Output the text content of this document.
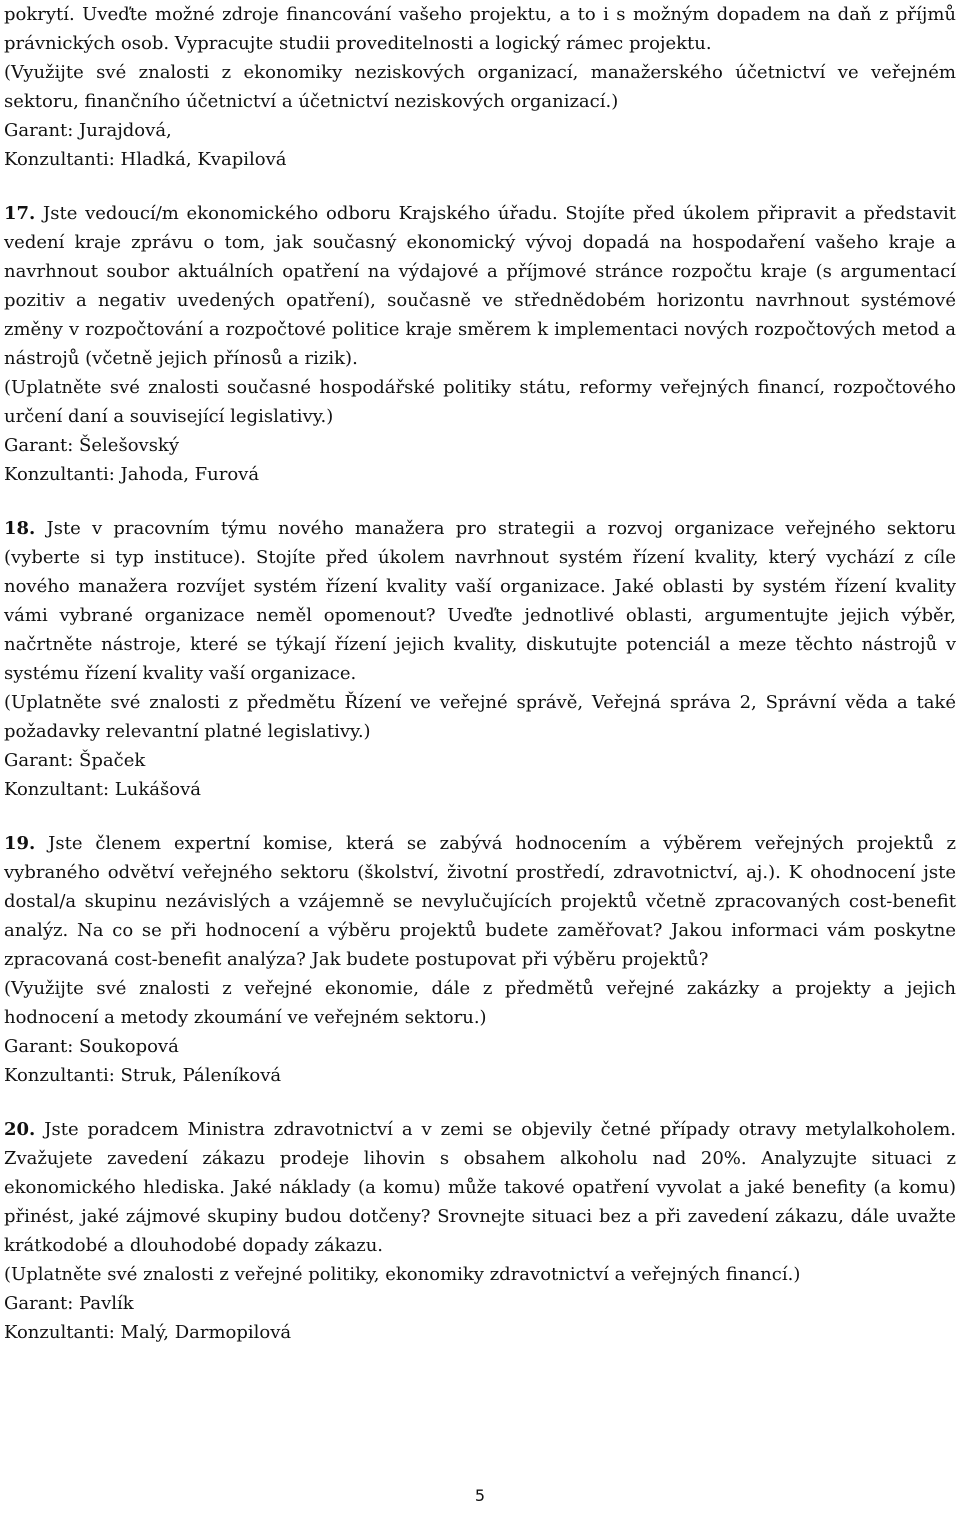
pokrytí. Uveďte možné zdroje financování vašeho projektu, a to i s možným dopadem na daň z příjmů právnických osob. Vypracujte studii proveditelnosti a logický rámec projektu.

(Využijte své znalosti z ekonomiky neziskových organizací, manažerského účetnictví ve veřejném sektoru, finančního účetnictví a účetnictví neziskových organizací.)

Garant: Jurajdová,
Konzultanti: Hladká, Kvapilová

17. Jste vedoucí/m ekonomického odboru Krajského úřadu. Stojíte před úkolem připravit a představit vedení kraje zprávu o tom, jak současný ekonomický vývoj dopadá na hospodaření vašeho kraje a navrhnout soubor aktuálních opatření na výdajové a příjmové stránce rozpočtu kraje (s argumentací pozitiv a negativ uvedených opatření), současně ve střednědobém horizontu navrhnout systémové změny v rozpočtování a rozpočtové politice kraje směrem k implementaci nových rozpočtových metod a nástrojů (včetně jejich přínosů a rizik).

(Uplatněte své znalosti současné hospodářské politiky státu, reformy veřejných financí, rozpočtového určení daní a související legislativy.)

Garant: Šelešovský
Konzultanti: Jahoda, Furová

18. Jste v pracovním týmu nového manažera pro strategii a rozvoj organizace veřejného sektoru (vyberte si typ instituce). Stojíte před úkolem navrhnout systém řízení kvality, který vychází z cíle nového manažera rozvíjet systém řízení kvality vaší organizace. Jaké oblasti by systém řízení kvality vámi vybrané organizace neměl opomenout? Uveďte jednotlivé oblasti, argumentujte jejich výběr, načrtněte nástroje, které se týkají řízení jejich kvality, diskutujte potenciál a meze těchto nástrojů v systému řízení kvality vaší organizace.

(Uplatněte své znalosti z předmětu Řízení ve veřejné správě, Veřejná správa 2, Správní věda a také požadavky relevantní platné legislativy.)

Garant: Špaček
Konzultant: Lukášová

19. Jste členem expertní komise, která se zabývá hodnocením a výběrem veřejných projektů z vybraného odvětví veřejného sektoru (školství, životní prostředí, zdravotnictví, aj.). K ohodnocení jste dostal/a skupinu nezávislých a vzájemně se nevylučujících projektů včetně zpracovaných cost-benefit analýz. Na co se při hodnocení a výběru projektů budete zaměřovat? Jakou informaci vám poskytne zpracovaná cost-benefit analýza? Jak budete postupovat při výběru projektů?

(Využijte své znalosti z veřejné ekonomie, dále z předmětů veřejné zakázky a projekty a jejich hodnocení a metody zkoumání ve veřejném sektoru.)

Garant: Soukopová
Konzultanti: Struk, Páleníková

20. Jste poradcem Ministra zdravotnictví a v zemi se objevily četné případy otravy metylalkoholem. Zvažujete zavedení zákazu prodeje lihovin s obsahem alkoholu nad 20%. Analyzujte situaci z ekonomického hlediska. Jaké náklady (a komu) může takové opatření vyvolat a jaké benefity (a komu) přinést, jaké zájmové skupiny budou dotčeny? Srovnejte situaci bez a při zavedení zákazu, dále uvažte krátkodobé a dlouhodobé dopady zákazu.

(Uplatněte své znalosti z veřejné politiky, ekonomiky zdravotnictví a veřejných financí.)

Garant: Pavlík
Konzultanti: Malý, Darmopilová
5
